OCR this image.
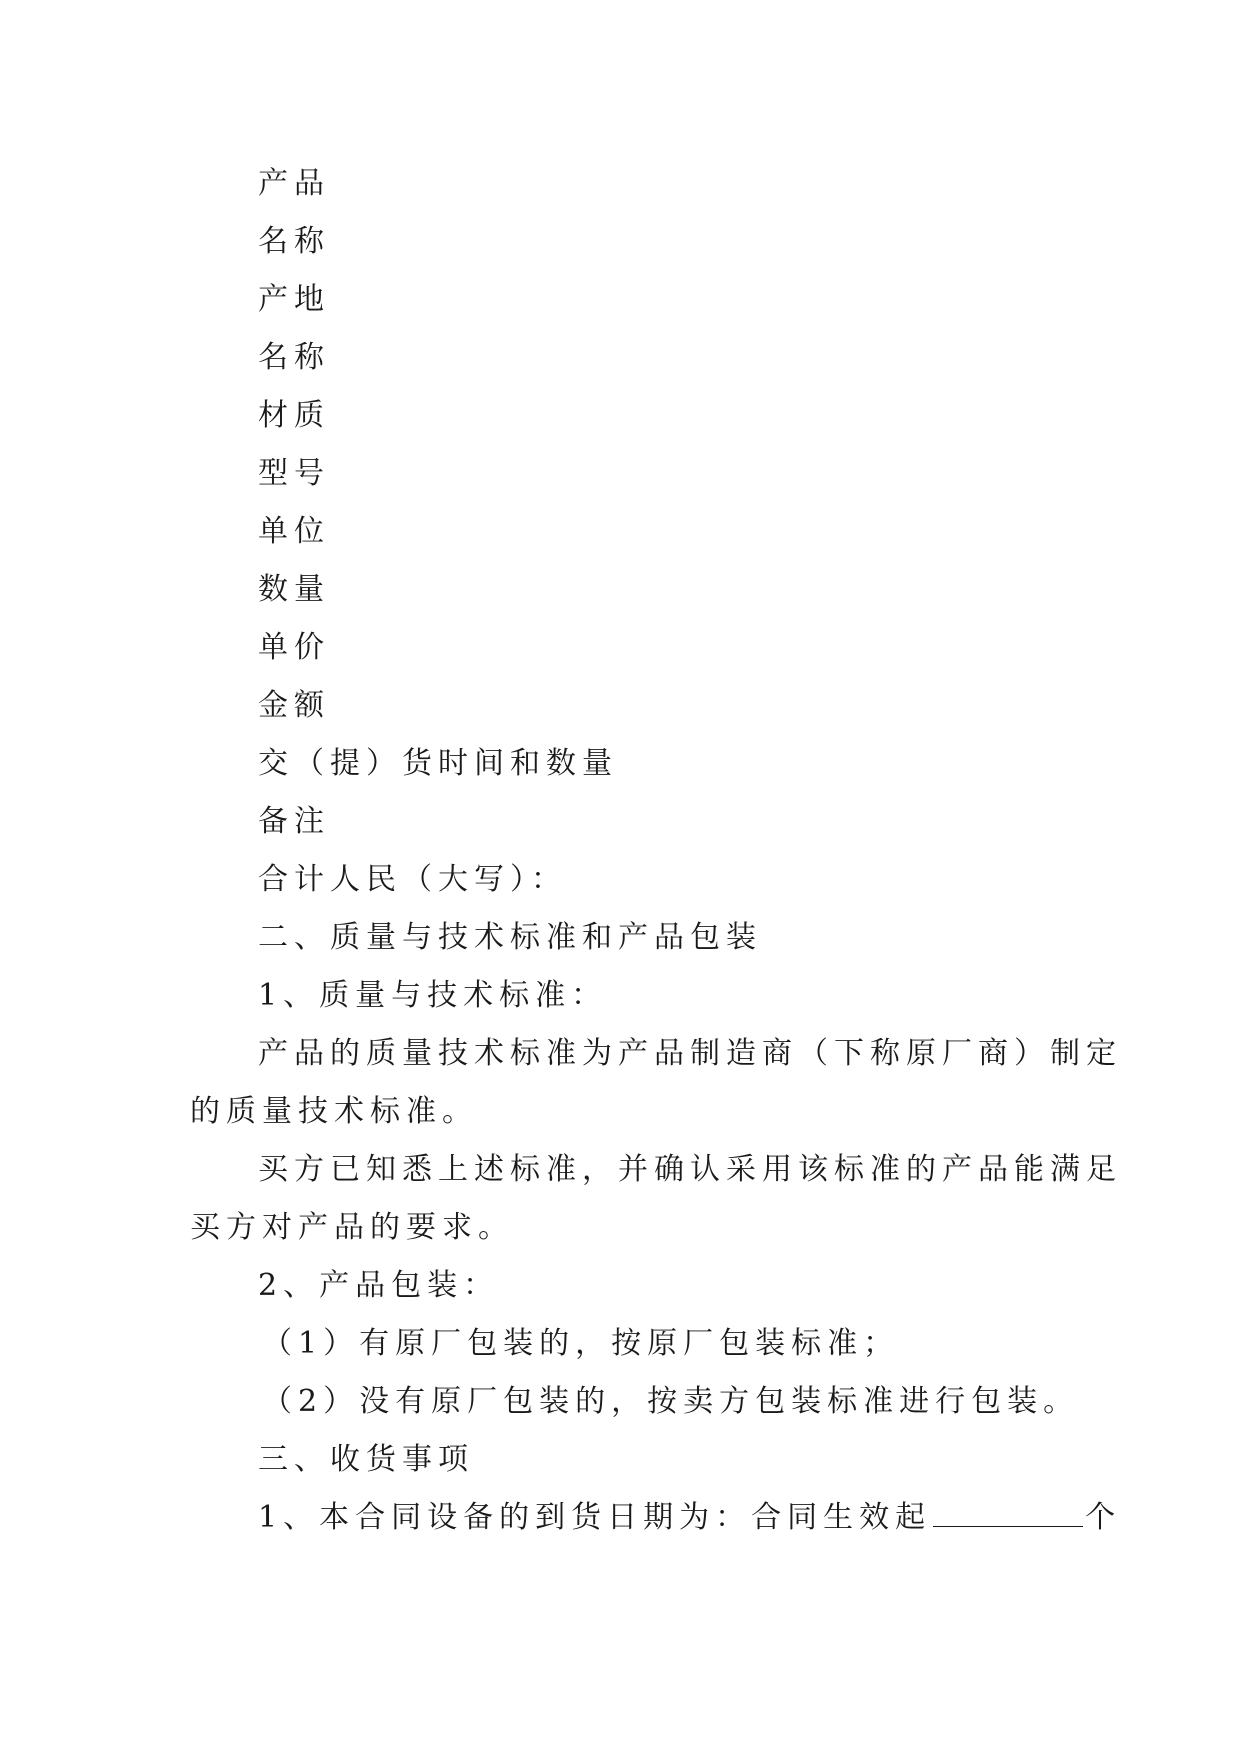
产品
名称
产地
名称
材质
型号
单位
数量
单价
金额
交（提）货时间和数量
备注
合计人民（大写）：
二、质量与技术标准和产品包装
1、质量与技术标准：
产品的质量技术标准为产品制造商（下称原厂商）制定
的质量技术标准。
买方已知悉上述标准，并确认采用该标准的产品能满足
买方对产品的要求。
2、产品包装：
（1）有原厂包装的，按原厂包装标准；
（2）没有原厂包装的，按卖方包装标准进行包装。
三、收货事项
1、本合同设备的到货日期为：合同生效起	个
